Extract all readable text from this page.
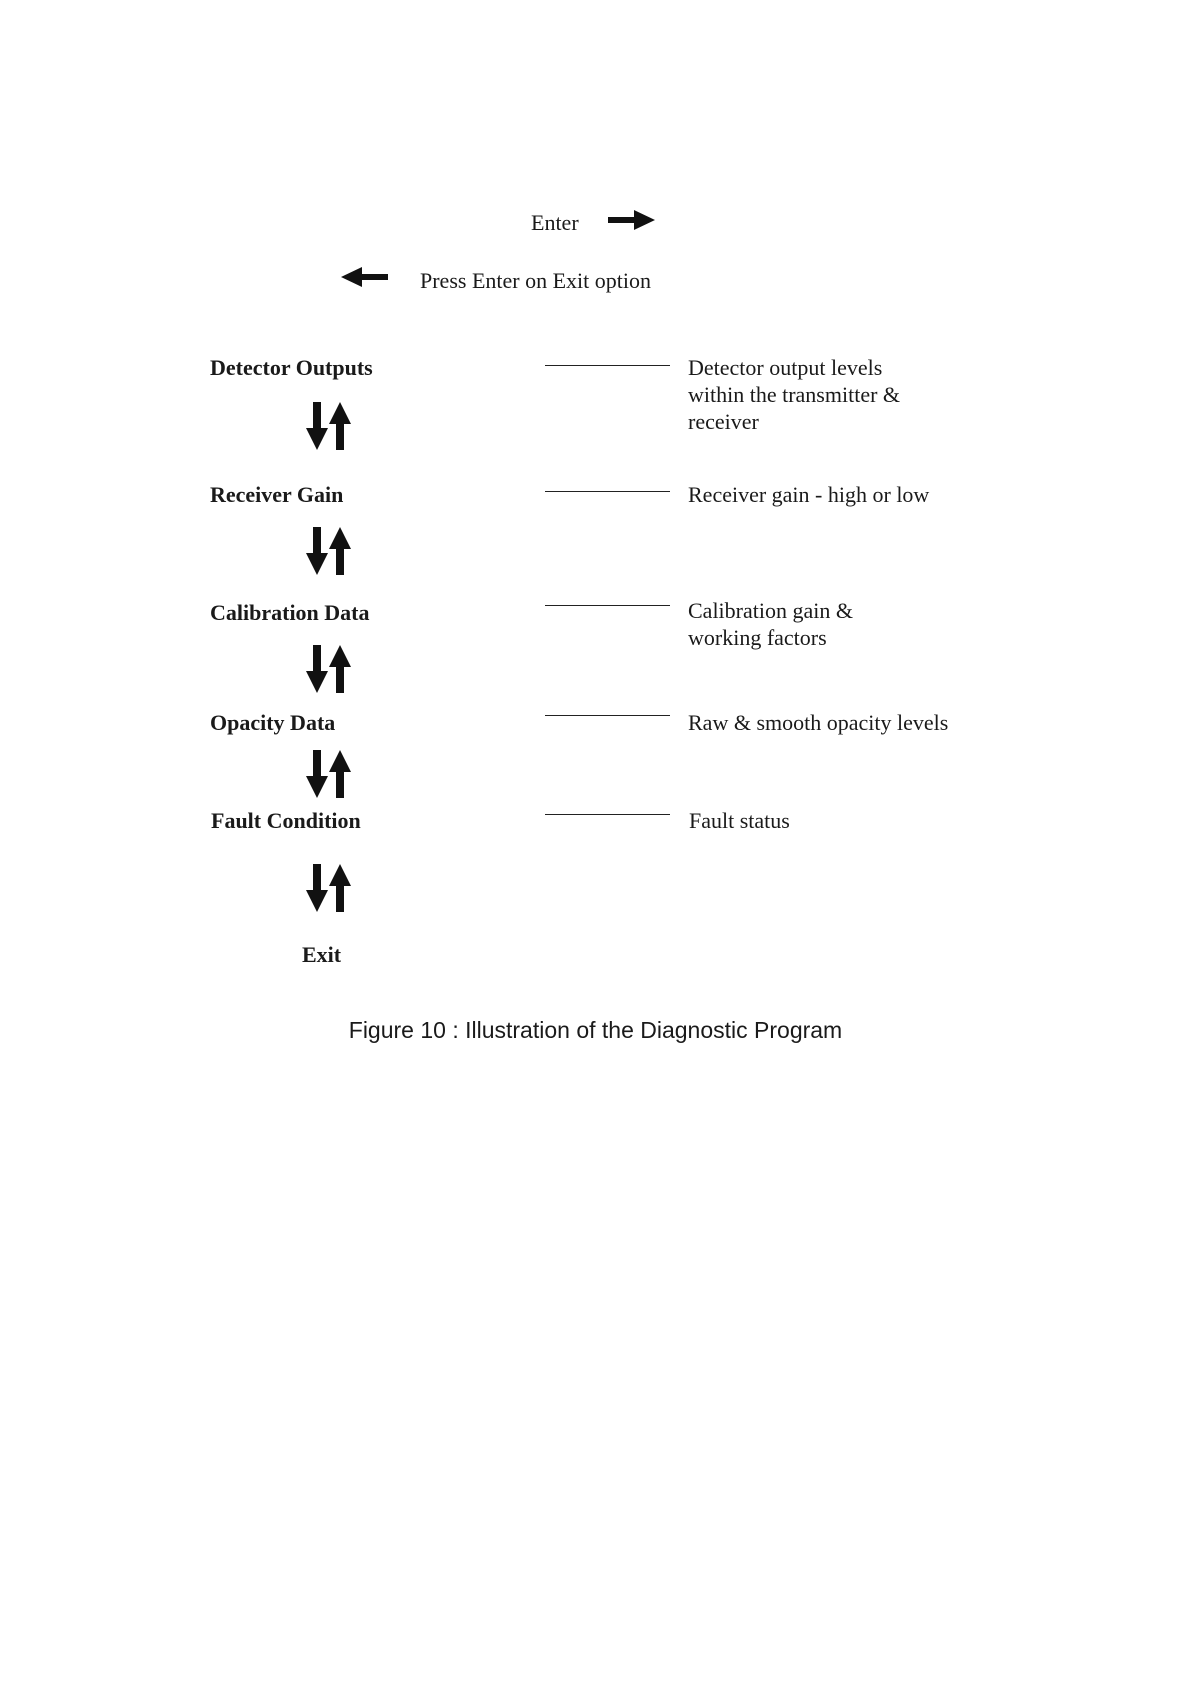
Enter
Press Enter on Exit option
Detector Outputs	Detector output levels
within the transmitter &
receiver
Receiver Gain	Receiver gain - high or low
Calibration Data	Calibration gain &
working factors
Opacity Data	Raw & smooth opacity levels
Fault Condition	Fault status
Exit
Figure 10 : Illustration of the Diagnostic Program
